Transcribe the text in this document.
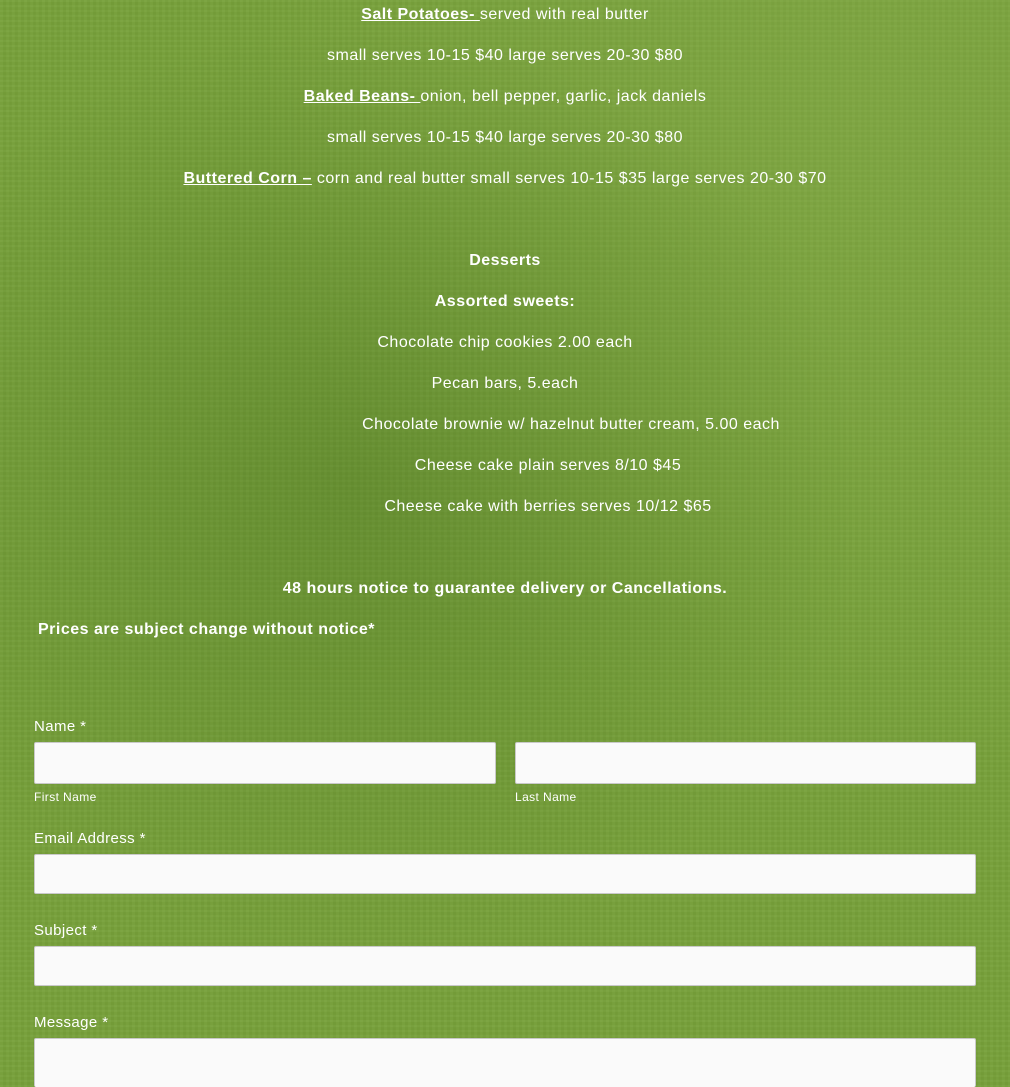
Salt Potatoes- served with real butter
small serves 10-15 $40 large serves 20-30 $80
Baked Beans- onion, bell pepper, garlic, jack daniels
small serves 10-15 $40 large serves 20-30 $80
Buttered Corn – corn and real butter small serves 10-15 $35 large serves 20-30 $70
Desserts
Assorted sweets:
Chocolate chip cookies 2.00 each
Pecan bars, 5.each
Chocolate brownie w/ hazelnut butter cream, 5.00 each
Cheese cake plain serves 8/10 $45
Cheese cake with berries serves 10/12 $65
48 hours notice to guarantee delivery or Cancellations.
Prices are subject change without notice*
Name *
First Name	Last Name
Email Address *
Subject *
Message *
